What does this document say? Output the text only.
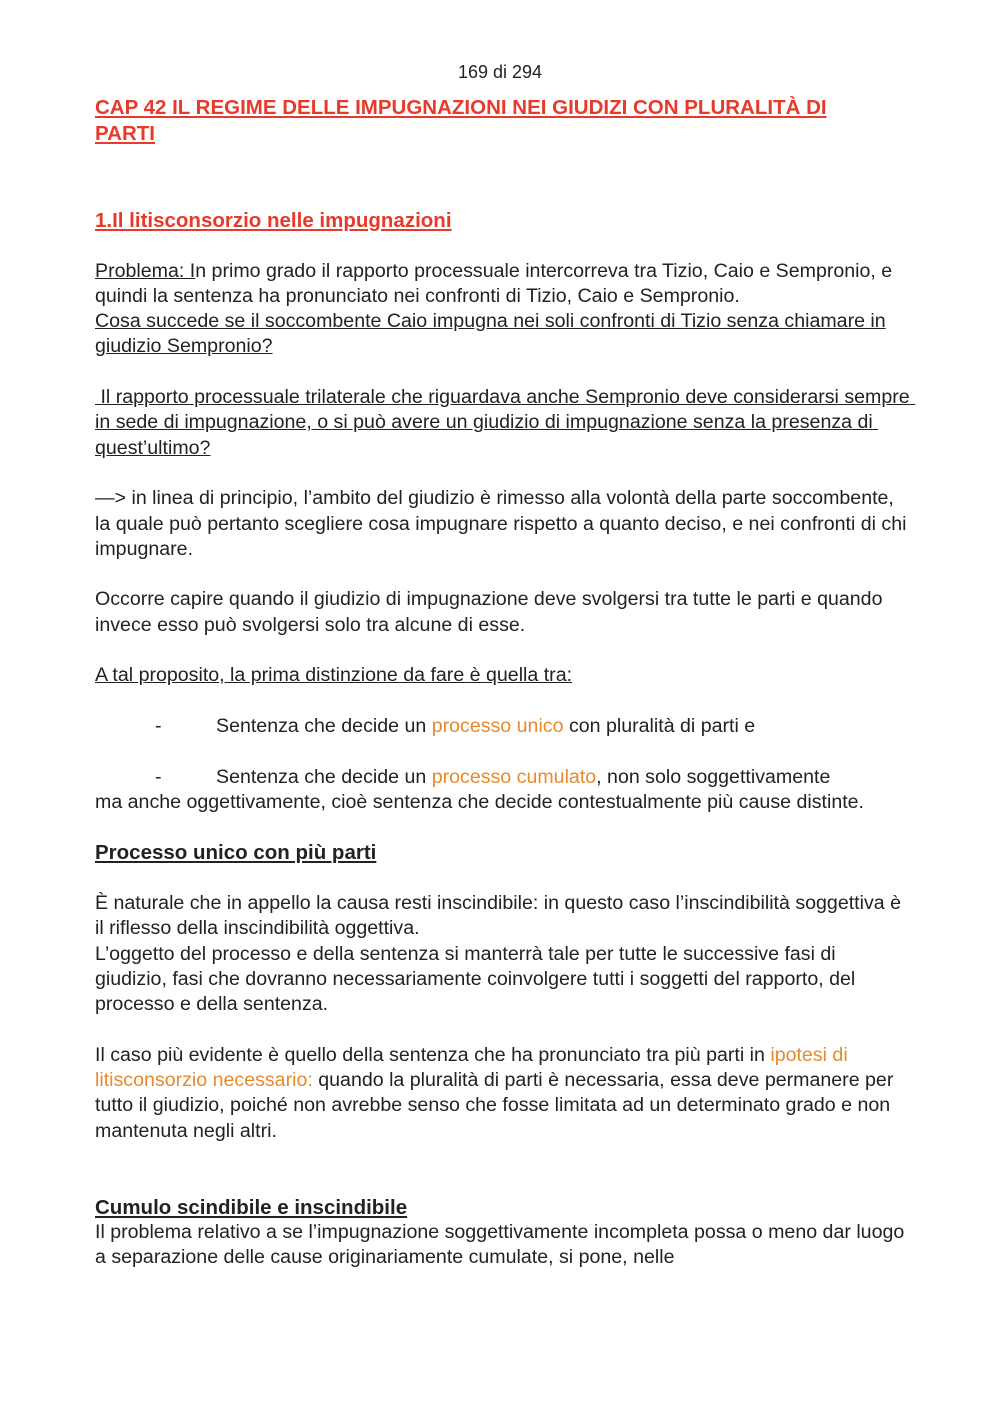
169 di 294
CAP 42 IL REGIME DELLE IMPUGNAZIONI NEI GIUDIZI CON PLURALITÀ DI
PARTI
1.Il litisconsorzio nelle impugnazioni

Problema: In primo grado il rapporto processuale intercorreva tra Tizio, Caio e Sempronio, e quindi la sentenza ha pronunciato nei confronti di Tizio, Caio e Sempronio.
Cosa succede se il soccombente Caio impugna nei soli confronti di Tizio senza chiamare in giudizio Sempronio?

Il rapporto processuale trilaterale che riguardava anche Sempronio deve considerarsi sempre in sede di impugnazione, o si può avere un giudizio di impugnazione senza la presenza di quest’ultimo?

—> in linea di principio, l’ambito del giudizio è rimesso alla volontà della parte soccombente, la quale può pertanto scegliere cosa impugnare rispetto a quanto deciso, e nei confronti di chi impugnare.

Occorre capire quando il giudizio di impugnazione deve svolgersi tra tutte le parti e quando invece esso può svolgersi solo tra alcune di esse.

A tal proposito, la prima distinzione da fare è quella tra:

-	Sentenza che decide un processo unico con pluralità di parti e

-	Sentenza che decide un processo cumulato, non solo soggettivamente

ma anche oggettivamente, cioè sentenza che decide contestualmente più cause distinte.

Processo unico con più parti

È naturale che in appello la causa resti inscindibile: in questo caso l’inscindibilità soggettiva è il riflesso della inscindibilità oggettiva.

L’oggetto del processo e della sentenza si manterrà tale per tutte le successive fasi di giudizio, fasi che dovranno necessariamente coinvolgere tutti i soggetti del rapporto, del processo e della sentenza.

Il caso più evidente è quello della sentenza che ha pronunciato tra più parti in ipotesi di litisconsorzio necessario: quando la pluralità di parti è necessaria, essa deve permanere per tutto il giudizio, poiché non avrebbe senso che fosse limitata ad un determinato grado e non mantenuta negli altri.

Cumulo scindibile e inscindibile

Il problema relativo a se l’impugnazione soggettivamente incompleta possa o meno dar luogo a separazione delle cause originariamente cumulate, si pone, nelle
